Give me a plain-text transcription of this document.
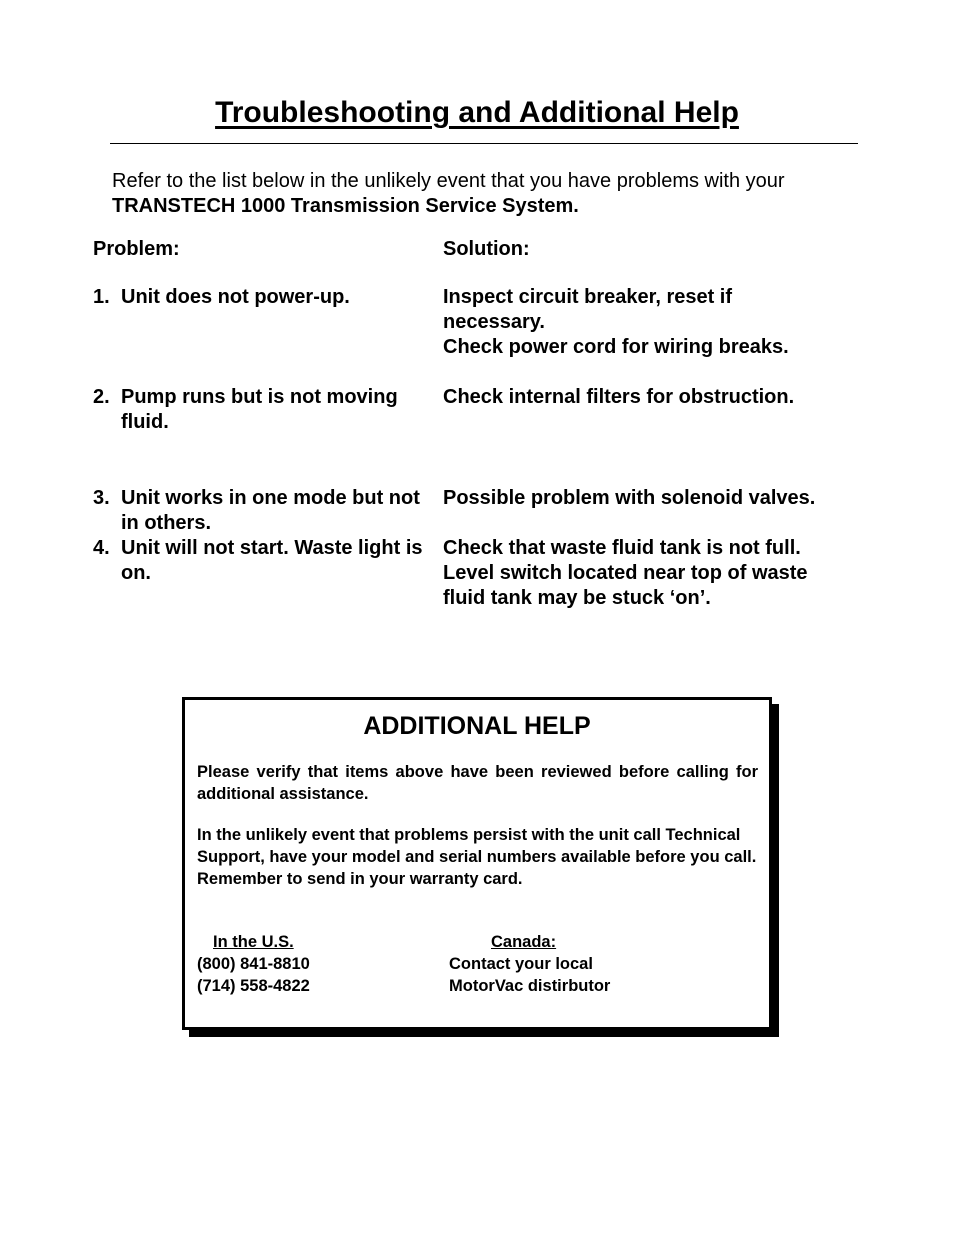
Troubleshooting and Additional Help
Refer to the list below in the unlikely event that you have problems with your TRANSTECH 1000 Transmission Service System.
Problem:	Solution:
1. Unit does not power-up.	Inspect circuit breaker, reset if necessary.
Check power cord for wiring breaks.
2. Pump runs but is not moving fluid.
Check internal filters for obstruction.
3. Unit works in one mode but not in others.
Possible problem with solenoid valves.
4. Unit will not start. Waste light is on.
Check that waste fluid tank is not full.
Level switch located near top of waste fluid tank may be stuck ‘on’.
ADDITIONAL HELP
Please verify that items above have been reviewed before calling for additional assistance.
In the unlikely event that problems persist with the unit call Technical Support, have your model and serial numbers available before you call. Remember to send in your warranty card.
In the U.S.
(800) 841-8810
(714) 558-4822
Canada:
Contact your local
MotorVac distirbutor
